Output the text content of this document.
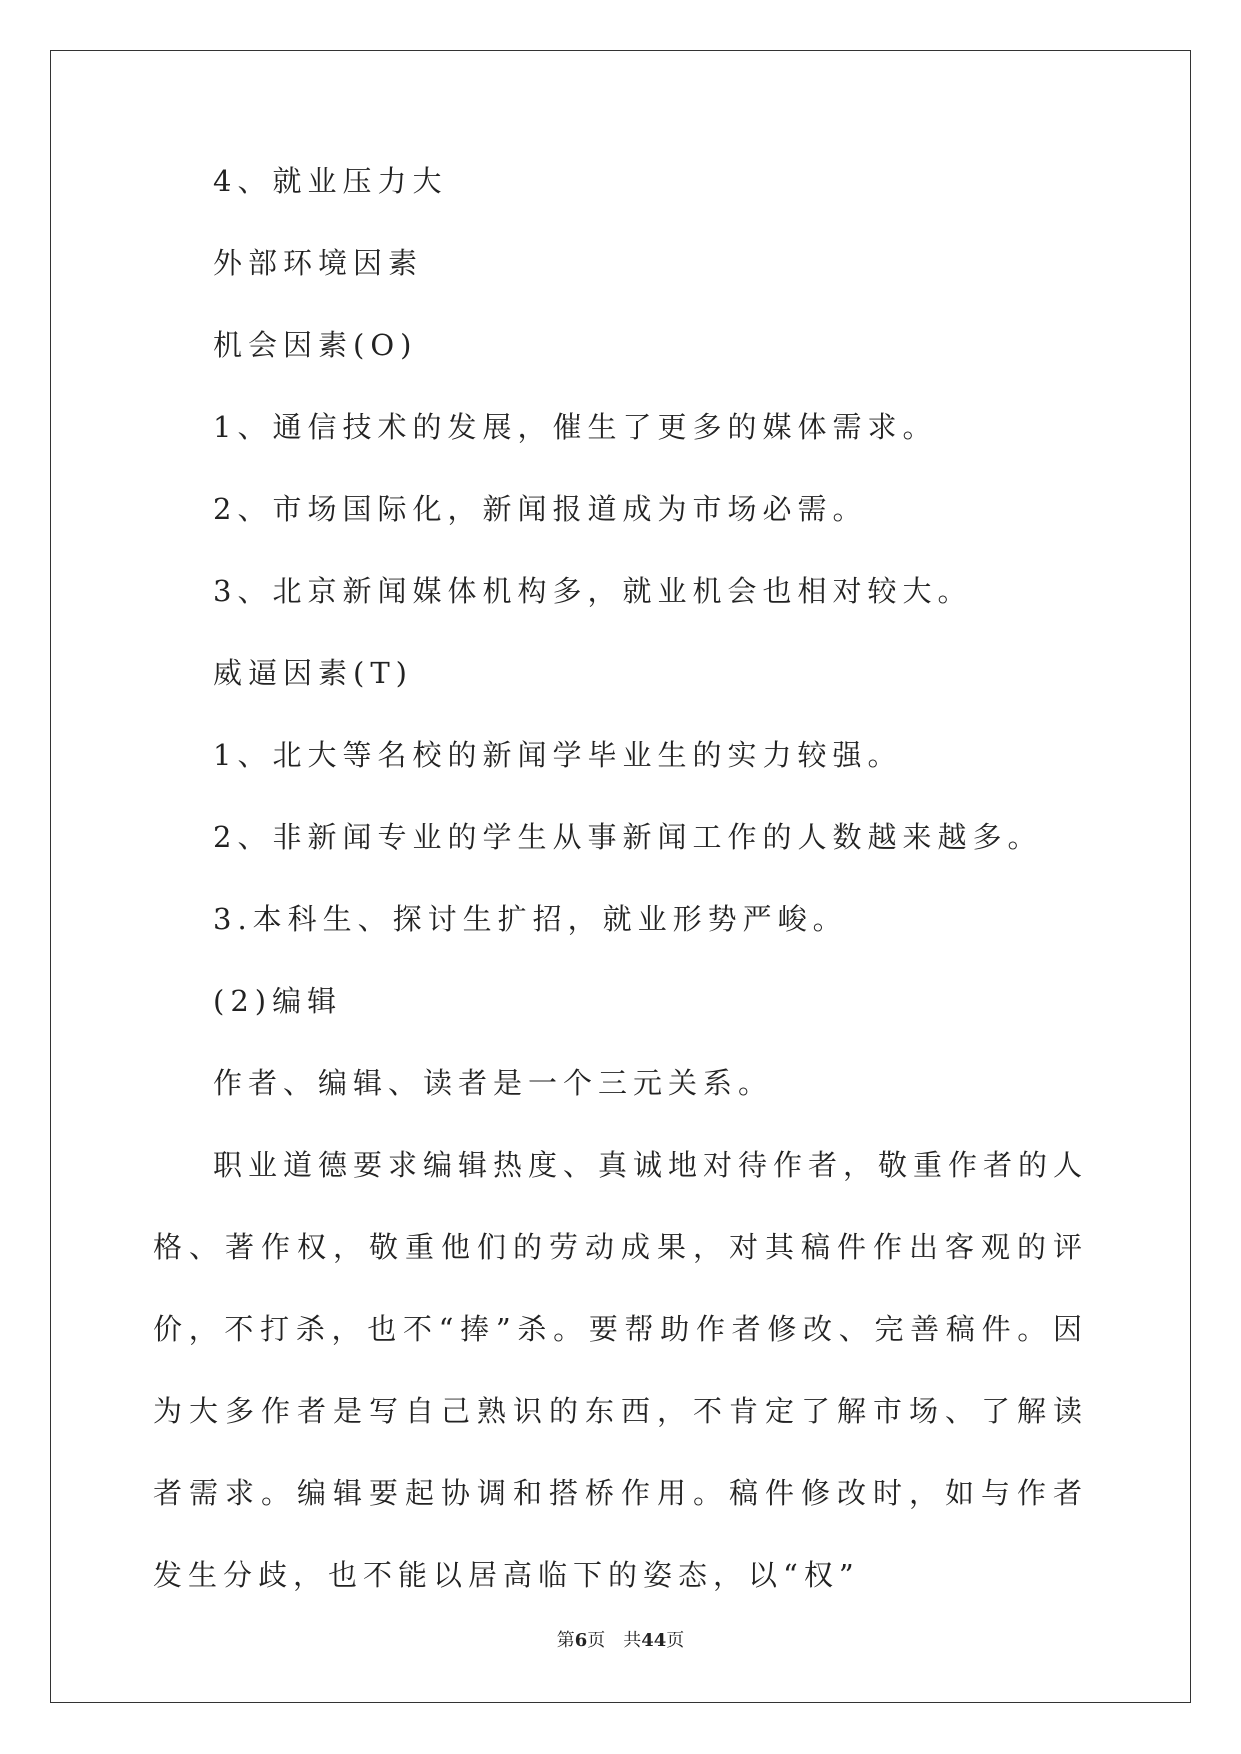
4、就业压力大
外部环境因素
机会因素(O)
1、通信技术的发展，催生了更多的媒体需求。
2、市场国际化，新闻报道成为市场必需。
3、北京新闻媒体机构多，就业机会也相对较大。
威逼因素(T)
1、北大等名校的新闻学毕业生的实力较强。
2、非新闻专业的学生从事新闻工作的人数越来越多。
3.本科生、探讨生扩招，就业形势严峻。
(2)编辑
作者、编辑、读者是一个三元关系。
职业道德要求编辑热度、真诚地对待作者，敬重作者的人格、著作权，敬重他们的劳动成果，对其稿件作出客观的评价，不打杀，也不“捧”杀。要帮助作者修改、完善稿件。因为大多作者是写自己熟识的东西，不肯定了解市场、了解读者需求。编辑要起协调和搭桥作用。稿件修改时，如与作者发生分歧，也不能以居高临下的姿态，以“权”
第6页　共44页
